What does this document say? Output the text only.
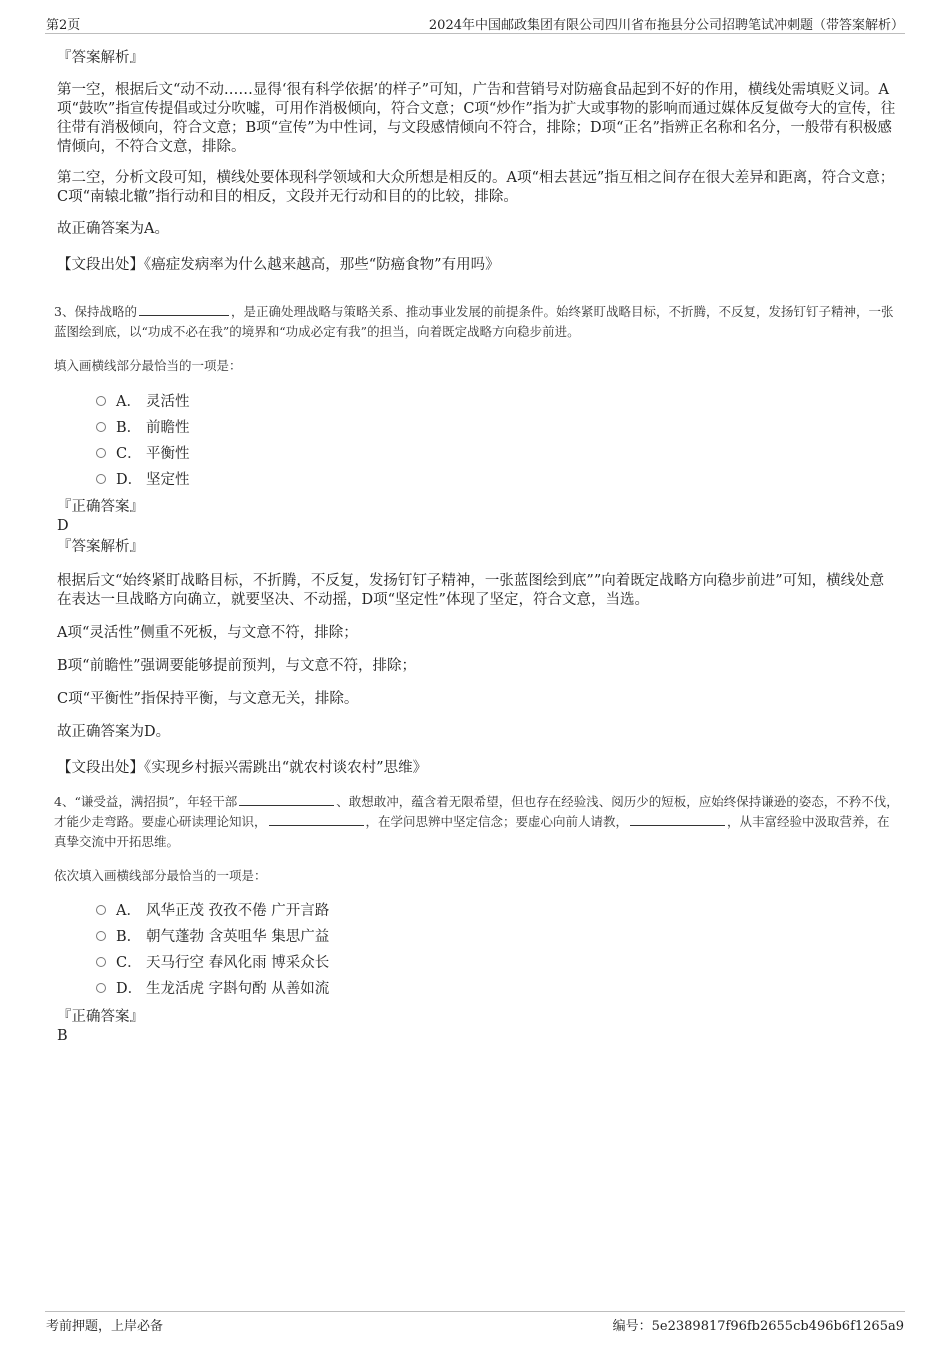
第2页	2024年中国邮政集团有限公司四川省布拖县分公司招聘笔试冲刺题（带答案解析）
『答案解析』
第一空，根据后文“动不动……显得‘很有科学依据’的样子”可知，广告和营销号对防癌食品起到不好的作用，横线处需填贬义词。A项“鼓吹”指宣传提倡或过分吹嘘，可用作消极倾向，符合文意；C项“炒作”指为扩大或事物的影响而通过媒体反复做夸大的宣传，往往带有消极倾向，符合文意；B项“宣传”为中性词，与文段感情倾向不符合，排除；D项“正名”指辨正名称和名分，一般带有积极感情倾向，不符合文意，排除。
第二空，分析文段可知，横线处要体现科学领域和大众所想是相反的。A项“相去甚远”指互相之间存在很大差异和距离，符合文意；C项“南辕北辙”指行动和目的相反，文段并无行动和目的的比较，排除。
故正确答案为A。
【文段出处】《癌症发病率为什么越来越高，那些“防癌食物”有用吗》
3、保持战略的	，是正确处理战略与策略关系、推动事业发展的前提条件。始终紧盯战略目标，不折腾，不反复，发扬钉钉子精神，一张蓝图绘到底，以“功成不必在我”的境界和“功成必定有我”的担当，向着既定战略方向稳步前进。
填入画横线部分最恰当的一项是：
A． 灵活性
B． 前瞻性
C． 平衡性
D． 坚定性
『正确答案』
D
『答案解析』
根据后文“始终紧盯战略目标，不折腾，不反复，发扬钉钉子精神，一张蓝图绘到底””向着既定战略方向稳步前进”可知，横线处意在表达一旦战略方向确立，就要坚决、不动摇，D项“坚定性”体现了坚定，符合文意，当选。
A项“灵活性”侧重不死板，与文意不符，排除；
B项“前瞻性”强调要能够提前预判，与文意不符，排除；
C项“平衡性”指保持平衡，与文意无关，排除。
故正确答案为D。
【文段出处】《实现乡村振兴需跳出“就农村谈农村”思维》
4、“谦受益，满招损”，年轻干部	、敢想敢冲，蕴含着无限希望，但也存在经验浅、阅历少的短板，应始终保持谦逊的姿态，不矜不伐，才能少走弯路。要虚心研读理论知识，	，在学问思辨中坚定信念；要虚心向前人请教，	，从丰富经验中汲取营养，在真挚交流中开拓思维。
依次填入画横线部分最恰当的一项是：
A． 风华正茂 孜孜不倦 广开言路
B． 朝气蓬勃 含英咀华 集思广益
C． 天马行空 春风化雨 博采众长
D． 生龙活虎 字斟句酌 从善如流
『正确答案』
B
考前押题，上岸必备	编号：5e2389817f96fb2655cb496b6f1265a9
